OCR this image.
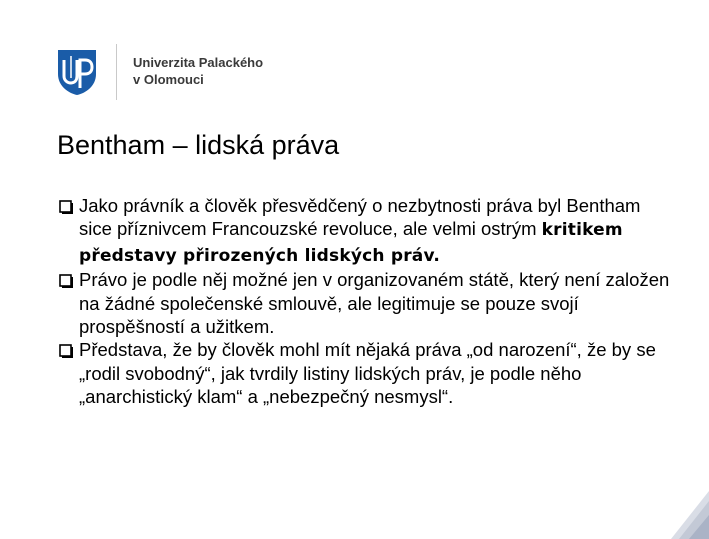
Univerzita Palackého
v Olomouci
Bentham – lidská práva
Jako právník a člověk přesvědčený o nezbytnosti práva byl Bentham sice příznivcem Francouzské revoluce, ale velmi ostrým kritikem představy přirozených lidských práv.
Právo je podle něj možné jen v organizovaném státě, který není založen na žádné společenské smlouvě, ale legitimuje se pouze svojí prospěšností a užitkem.
Představa, že by člověk mohl mít nějaká práva „od narození“, že by se „rodil svobodný“, jak tvrdily listiny lidských práv, je podle něho „anarchistický klam“ a „nebezpečný nesmysl“.
